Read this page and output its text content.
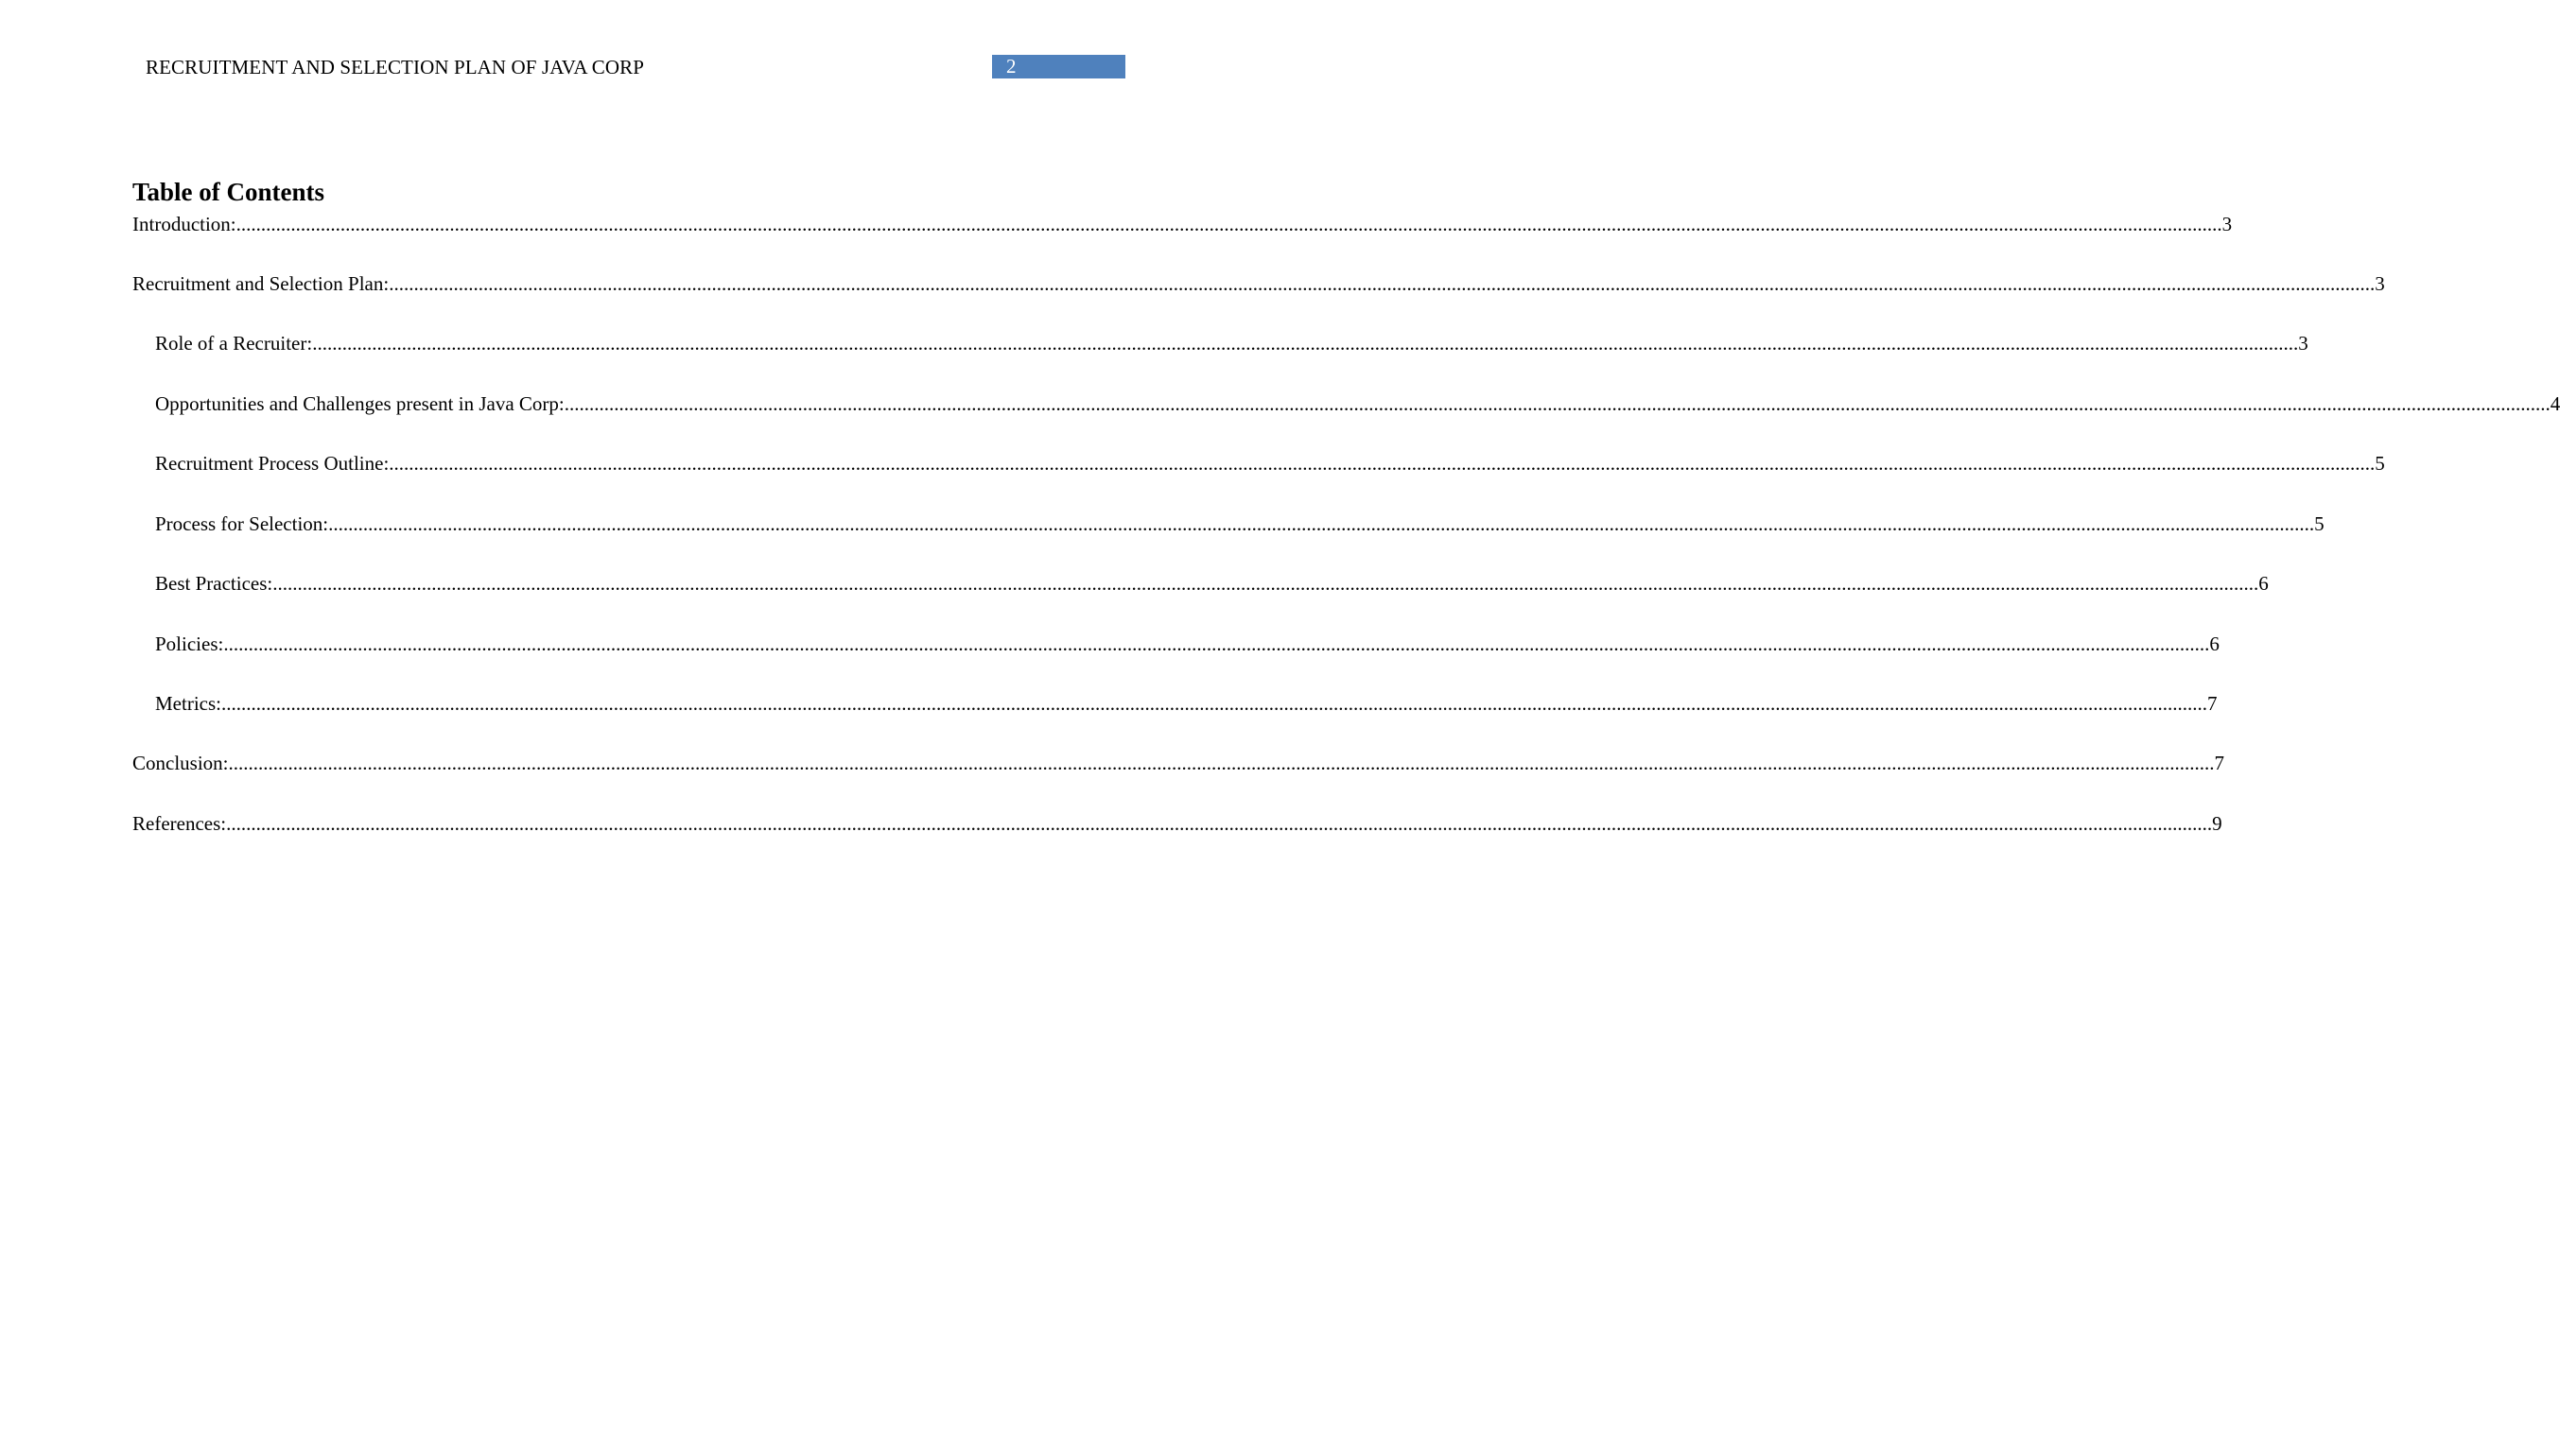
RECRUITMENT AND SELECTION PLAN OF JAVA CORP	2
Table of Contents
Introduction: ................................................................................................................................................................................................................................................................................................................................................................................................................ 3
Recruitment and Selection Plan: ................................................................................................................................................................................................................................................................................................................................................................................................................ 3
Role of a Recruiter: ................................................................................................................................................................................................................................................................................................................................................................................................................ 3
Opportunities and Challenges present in Java Corp: ................................................................................................................................................................................................................................................................................................................................................................................................................ 4
Recruitment Process Outline: ................................................................................................................................................................................................................................................................................................................................................................................................................ 5
Process for Selection: ................................................................................................................................................................................................................................................................................................................................................................................................................ 5
Best Practices: ................................................................................................................................................................................................................................................................................................................................................................................................................ 6
Policies: ................................................................................................................................................................................................................................................................................................................................................................................................................ 6
Metrics: ................................................................................................................................................................................................................................................................................................................................................................................................................ 7
Conclusion: ................................................................................................................................................................................................................................................................................................................................................................................................................ 7
References: ................................................................................................................................................................................................................................................................................................................................................................................................................ 9
